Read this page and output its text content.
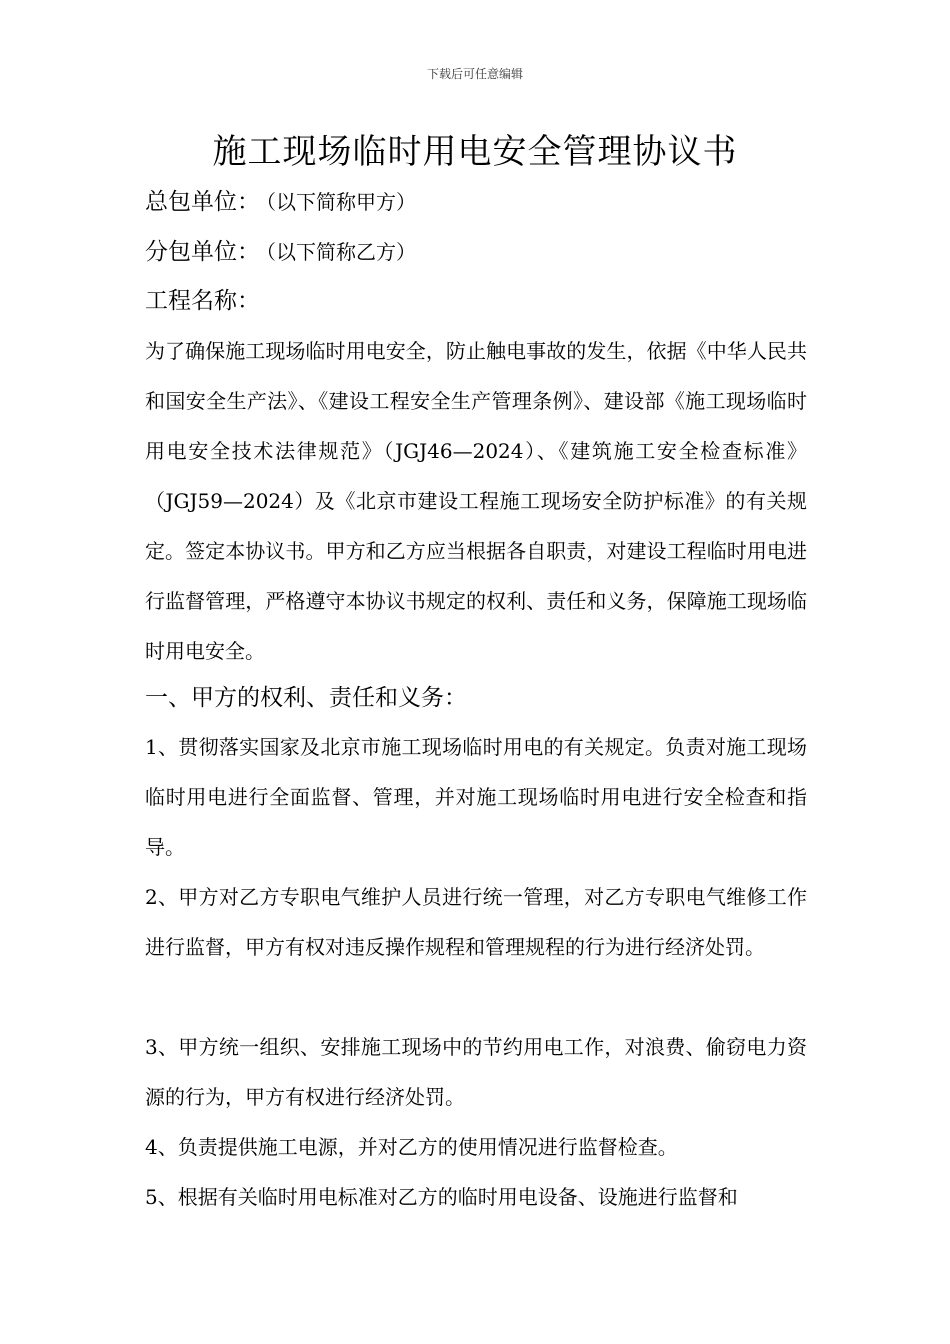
下载后可任意编辑
施工现场临时用电安全管理协议书
总包单位： （以下简称甲方）
分包单位： （以下简称乙方）
工程名称：

为了确保施工现场临时用电安全，防止触电事故的发生，依据《中华人民共和国安全生产法》、《建设工程安全生产管理条例》、建设部《施工现场临时用电安全技术法律规范》（JGJ46—2024）、《建筑施工安全检查标准》（JGJ59—2024）及《北京市建设工程施工现场安全防护标准》的有关规定。签定本协议书。甲方和乙方应当根据各自职责，对建设工程临时用电进行监督管理，严格遵守本协议书规定的权利、责任和义务，保障施工现场临时用电安全。

一、甲方的权利、责任和义务：

1、贯彻落实国家及北京市施工现场临时用电的有关规定。负责对施工现场临时用电进行全面监督、管理，并对施工现场临时用电进行安全检查和指导。

2、甲方对乙方专职电气维护人员进行统一管理，对乙方专职电气维修工作进行监督，甲方有权对违反操作规程和管理规程的行为进行经济处罚。

3、甲方统一组织、安排施工现场中的节约用电工作，对浪费、偷窃电力资源的行为，甲方有权进行经济处罚。

4、负责提供施工电源，并对乙方的使用情况进行监督检查。

5、根据有关临时用电标准对乙方的临时用电设备、设施进行监督和
